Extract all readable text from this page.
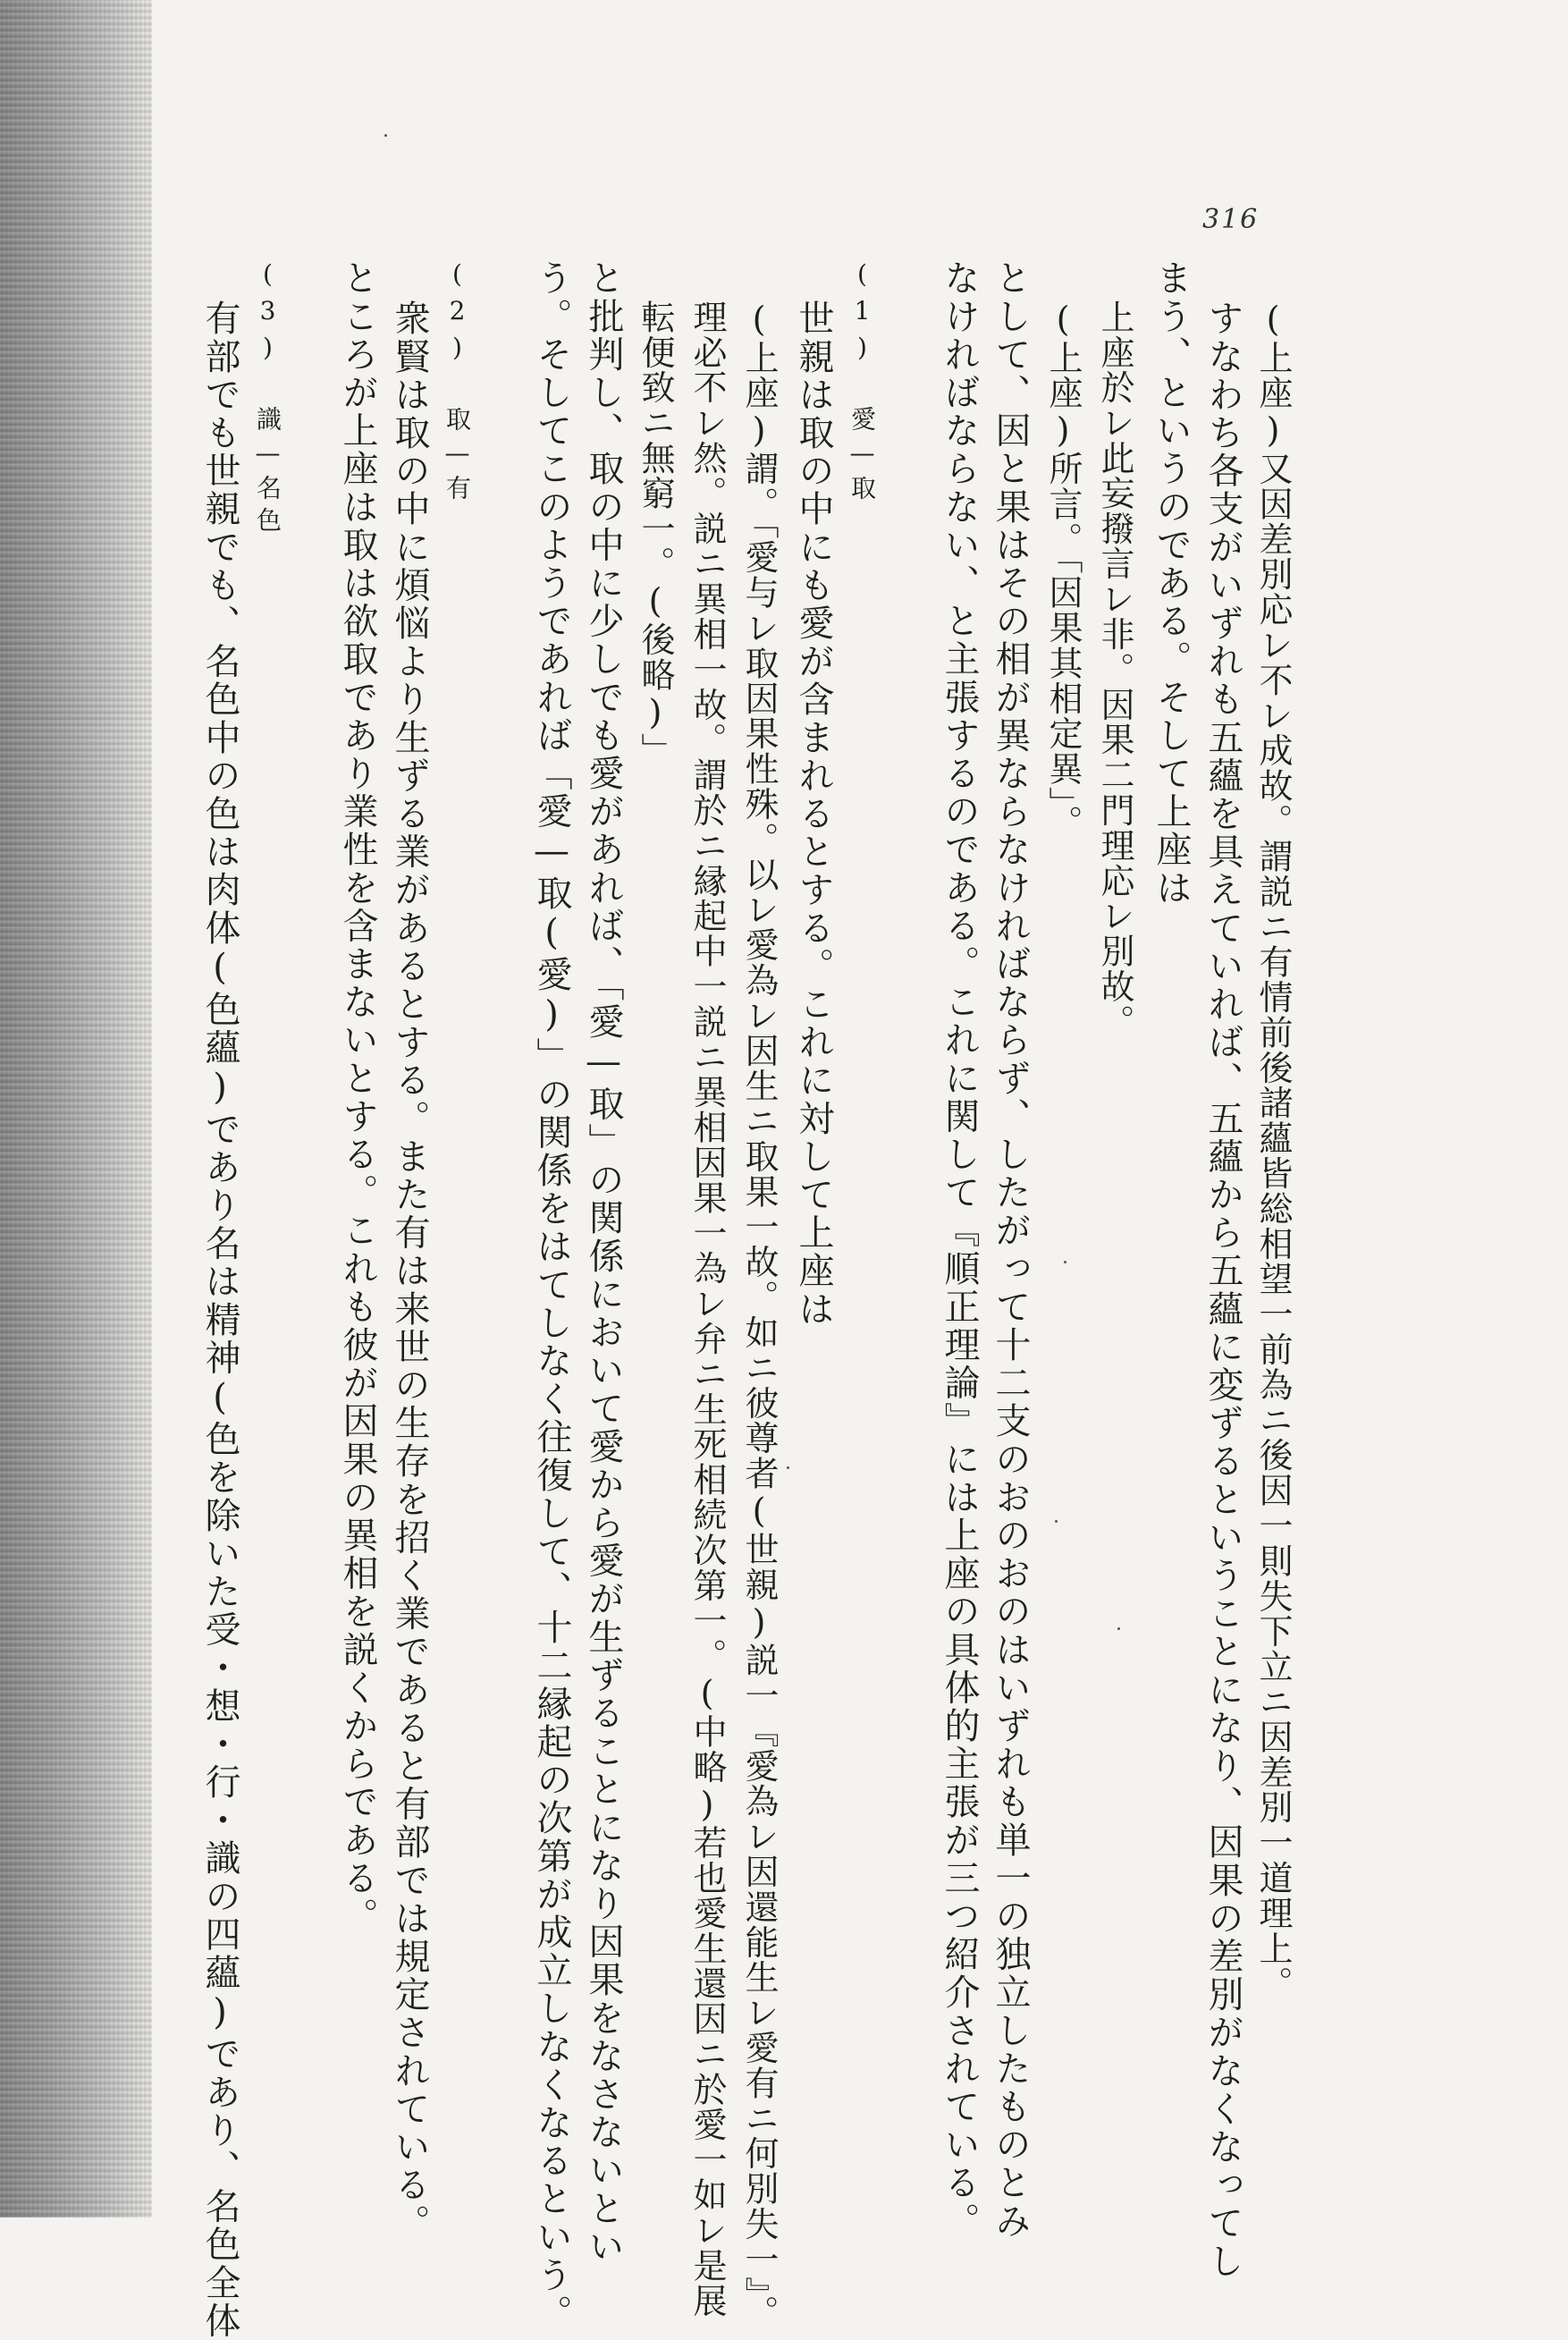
316
(上座)又因差別応レ不レ成故。謂説ニ有情前後諸蘊皆総相望一前為ニ後因一則失下立ニ因差別一道理上。
すなわち各支がいずれも五蘊を具えていれば、五蘊から五蘊に変ずるということになり、因果の差別がなくなってし
まう、というのである。そして上座は
上座於レ此妄撥言レ非。因果二門理応レ別故。
(上座)所言。「因果其相定異」。
として、因と果はその相が異ならなければならず、したがって十二支のおのおのはいずれも単一の独立したものとみ
なければならない、と主張するのである。これに関して『順正理論』には上座の具体的主張が三つ紹介されている。
(1) 愛—取
世親は取の中にも愛が含まれるとする。これに対して上座は
(上座)謂。「愛与レ取因果性殊。以レ愛為レ因生ニ取果一故。如ニ彼尊者(世親)説一『愛為レ因還能生レ愛有ニ何別失一』。
理必不レ然。説ニ異相一故。謂於ニ縁起中一説ニ異相因果一為レ弁ニ生死相続次第一。(中略)若也愛生還因ニ於愛一如レ是展
転便致ニ無窮一。(後略)」
と批判し、取の中に少しでも愛があれば、「愛—取」の関係において愛から愛が生ずることになり因果をなさないとい
う。そしてこのようであれば「愛—取(愛)」の関係をはてしなく往復して、十二縁起の次第が成立しなくなるという。
(2) 取—有
衆賢は取の中に煩悩より生ずる業があるとする。また有は来世の生存を招く業であると有部では規定されている。
ところが上座は取は欲取であり業性を含まないとする。これも彼が因果の異相を説くからである。
(3) 識—名色
有部でも世親でも、名色中の色は肉体(色蘊)であり名は精神(色を除いた受・想・行・識の四蘊)であり、名色全体
